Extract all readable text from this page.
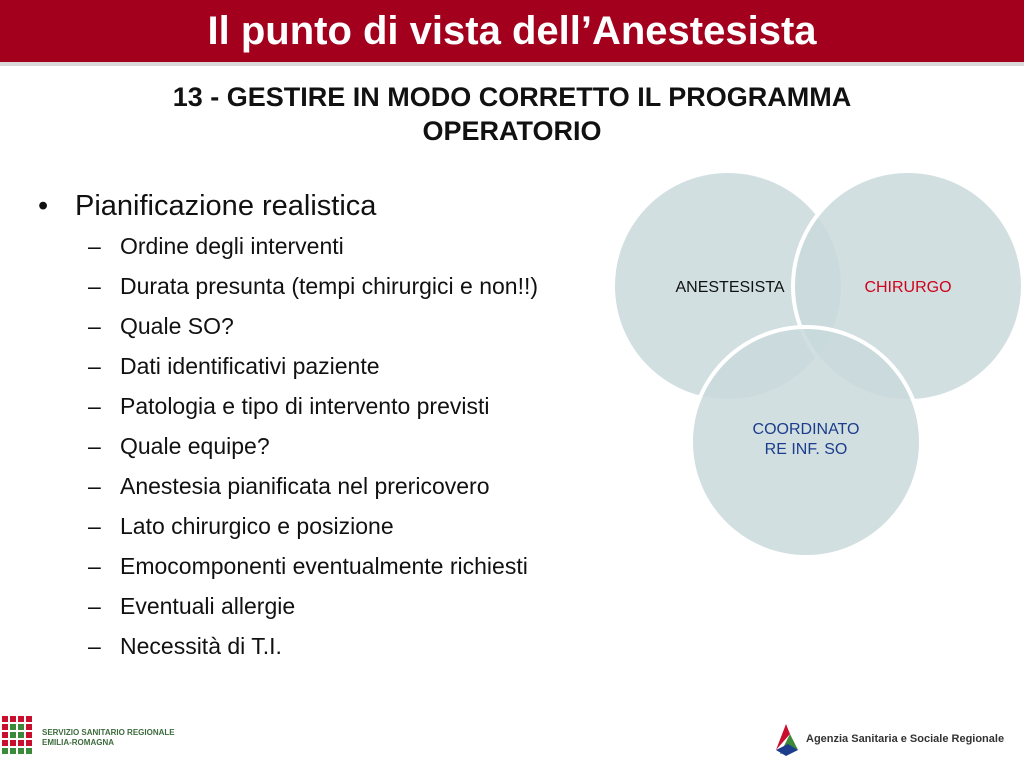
Il punto di vista dell’Anestesista
13 - GESTIRE IN MODO CORRETTO IL PROGRAMMA
OPERATORIO
• Pianificazione realistica
– Ordine degli interventi
– Durata presunta (tempi chirurgici e non!!)
– Quale SO?
– Dati identificativi paziente
– Patologia e tipo di intervento previsti
– Quale equipe?
– Anestesia pianificata nel prericovero
– Lato chirurgico e posizione
– Emocomponenti eventualmente richiesti
– Eventuali allergie
– Necessità di T.I.
ANESTESISTA	CHIRURGO
COORDINATO
RE INF. SO
SERVIZIO SANITARIO REGIONALE
EMILIA-ROMAGNA	Agenzia Sanitaria e Sociale Regionale
